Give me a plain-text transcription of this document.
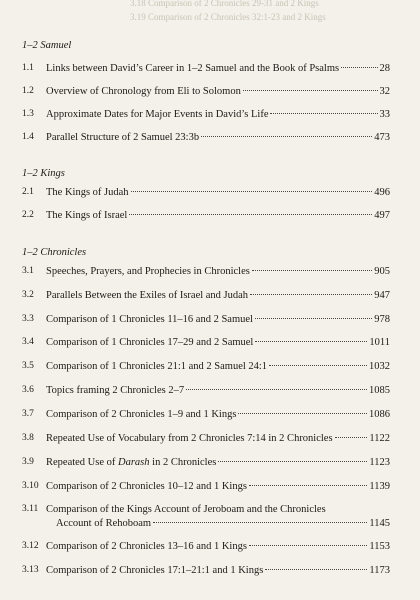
3.18 Comparison of 2 Chronicles 29-31 and 2 Kings
3.19 Comparison of 2 Chronicles 32:1-23 and 2 Kings
1–2 Samuel
1.1	Links between David’s Career in 1–2 Samuel and the Book of Psalms	28
1.2	Overview of Chronology from Eli to Solomon	32
1.3	Approximate Dates for Major Events in David’s Life	33
1.4	Parallel Structure of 2 Samuel 23:3b	473
1–2 Kings
2.1	The Kings of Judah	496
2.2	The Kings of Israel	497
1–2 Chronicles
3.1	Speeches, Prayers, and Prophecies in Chronicles	905
3.2	Parallels Between the Exiles of Israel and Judah	947
3.3	Comparison of 1 Chronicles 11–16 and 2 Samuel	978
3.4	Comparison of 1 Chronicles 17–29 and 2 Samuel	1011
3.5	Comparison of 1 Chronicles 21:1 and 2 Samuel 24:1	1032
3.6	Topics framing 2 Chronicles 2–7	1085
3.7	Comparison of 2 Chronicles 1–9 and 1 Kings	1086
3.8	Repeated Use of Vocabulary from 2 Chronicles 7:14 in 2 Chronicles	1122
3.9	Repeated Use of Darash in 2 Chronicles	1123
3.10 Comparison of 2 Chronicles 10–12 and 1 Kings	1139
3.11 Comparison of the Kings Account of Jeroboam and the Chronicles
Account of Rehoboam	1145
3.12 Comparison of 2 Chronicles 13–16 and 1 Kings	1153
3.13 Comparison of 2 Chronicles 17:1–21:1 and 1 Kings	1173
